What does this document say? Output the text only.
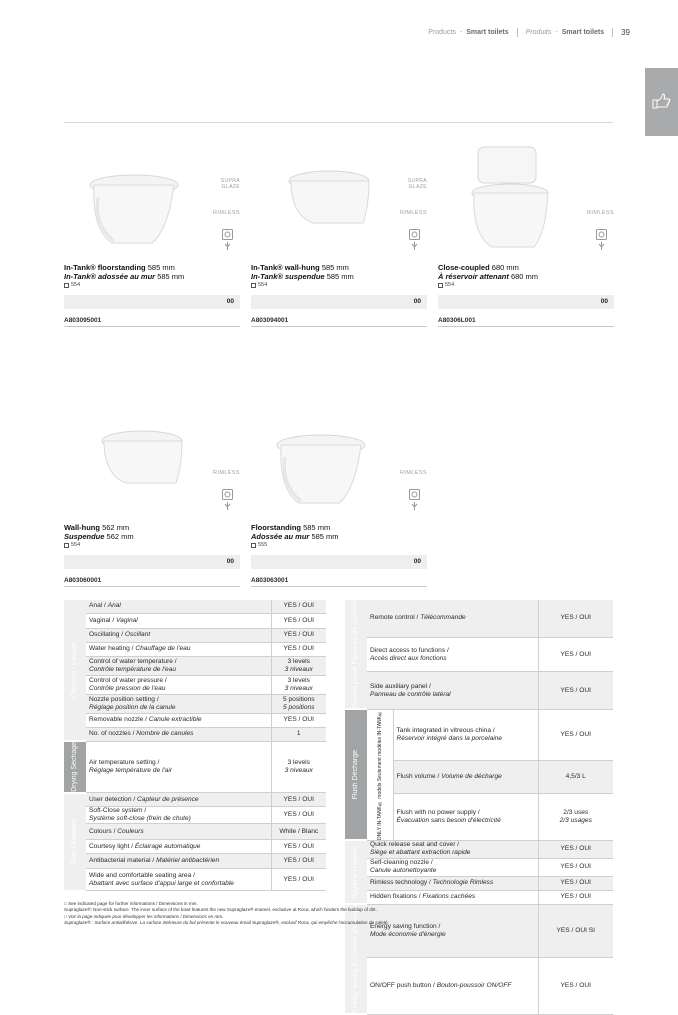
Products - Smart toilets Produits - Smart toilets 39
SUPRA
GLAZE
RIMLESS
In-Tank® floorstanding 585 mm
In-Tank® adossée au mur 585 mm
554
00
A803095001
SUPRA
GLAZE
RIMLESS
In-Tank® wall-hung 585 mm
In-Tank® suspendue 585 mm
554
00
A803094001
RIMLESS
Close-coupled 680 mm
À réservoir attenant 680 mm
554
00
A80306L001
RIMLESS
Wall-hung 562 mm
Suspendue 562 mm
554
00
A803060001
RIMLESS
Floorstanding 585 mm
Adossée au mur 585 mm
555
00
A803063001
Cleaning / Lavage	Anal / Anal	YES / OUI
	Vaginal / Vaginal	YES / OUI
	Oscillating / Oscillant	YES / OUI
	Water heating / Chauffage de l'eau	YES / OUI
	Control of water temperature /
Contrôle température de l'eau	3 levels
3 niveaux
	Control of water pressure /
Contrôle pression de l'eau	3 levels
3 niveaux
	Nozzle position setting /
Réglage position de la canule	5 positions
5 positions
	Removable nozzle / Canule extractible	YES / OUI
	No. of nozzles / Nombre de canules	1

Drying Séchage	Air temperature setting /
Réglage température de l'air	3 levels
3 niveaux

Seat / Abattant	User detection / Capteur de présence	YES / OUI
	Soft-Close system /
Système soft-close (frein de chute)	YES / OUI
	Colours / Couleurs	White / Blanc
	Courtesy light / Éclairage automatique	YES / OUI
	Antibacterial material / Matériel antibactérien	YES / OUI
	Wide and comfortable seating area /
Abattant avec surface d'appui large et confortable	YES / OUI
Control panel Panneau de contrôle	Remote control / Télécommande		YES / OUI
	Direct access to functions /
Accès direct aux fonctions		YES / OUI
	Side auxiliary panel /
Panneau de contrôle latéral		YES / OUI

Flush Décharge	ONLY IN-TANK® models Seulement modèles IN-TANK®	Tank integrated in vitreous china /
Réservoir intégré dans la porcelaine	YES / OUI
		Flush volume / Volume de décharge	4,5/3 L
		Flush with no power supply /
Évacuation sans besoin d'électricité	2/3 uses
2/3 usages

Hygiene Hygiène	Quick release seat and cover /
Siège et abattant extraction rapide		YES / OUI
	Self-cleaning nozzle /
Canule autonettoyante		YES / OUI
	Rimless technology / Technologie Rimless		YES / OUI
	Hidden fixations / Fixations cachées		YES / OUI

Energy saving Économie d'énergie	Energy saving function /
Mode économie d'énergie		YES / OUI SI
	ON/OFF push button / Bouton-poussoir ON/OFF		YES / OUI
□ See indicated page for further informations / Dimensions in mm.
Supraglaze®: Non-stick surface. The inner surface of the bowl features the new Supraglaze® enamel, exclusive at Roca, which hinders the buildup of dirt.
□ Voir la page indiquée pour développer les informations / Dimensions en mm.
Supraglaze® : Surface antiadhésive. La surface intérieure du bol présente le nouveau émail Supraglaze®, exclusif Roca, qui empêche l'accumulation de saleté.
